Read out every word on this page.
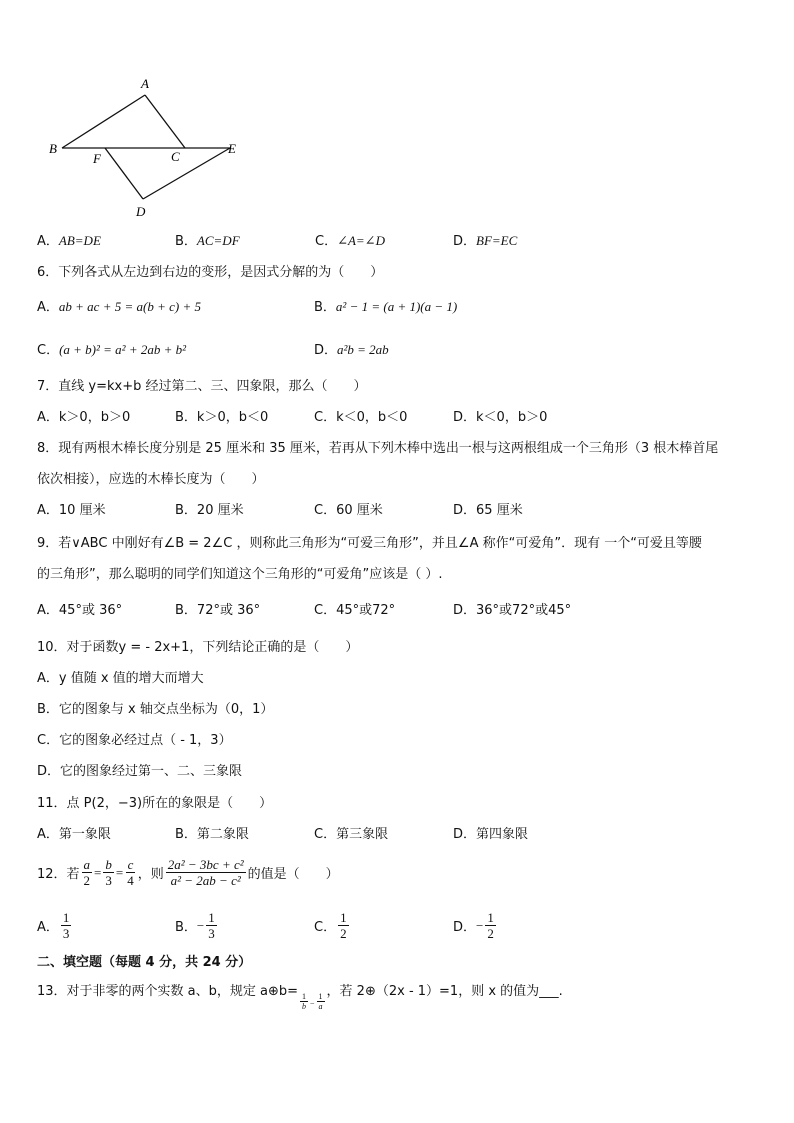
A
B
F	C
E
D
A．AB=DE	B．AC=DF	C．∠A=∠D	D．BF=EC
6．下列各式从左边到右边的变形，是因式分解的为（　　）
A．ab + ac + 5 = a(b + c) + 5	B．a² − 1 = (a + 1)(a − 1)
C．(a + b)² = a² + 2ab + b²	D．a²b = 2ab
7．直线 y=kx+b 经过第二、三、四象限，那么（　　）
A．k＞0，b＞0	B．k＞0，b＜0	C．k＜0，b＜0	D．k＜0，b＞0
8．现有两根木棒长度分别是 25 厘米和 35 厘米，若再从下列木棒中选出一根与这两根组成一个三角形（3 根木棒首尾
依次相接），应选的木棒长度为（　　）
A．10 厘米	B．20 厘米	C．60 厘米	D．65 厘米
9．若∨ABC 中刚好有∠B = 2∠C ，则称此三角形为“可爱三角形”，并且∠A 称作“可爱角”．现有 一个“可爱且等腰
的三角形”，那么聪明的同学们知道这个三角形的“可爱角”应该是（ ）.
A．45°或 36°	B．72°或 36°	C．45°或72°	D．36°或72°或45°
10．对于函数y = - 2x+1，下列结论正确的是（　　）
A．y 值随 x 值的增大而增大
B．它的图象与 x 轴交点坐标为（0，1）
C．它的图象必经过点（ - 1，3）
D．它的图象经过第一、二、三象限
11．点 P(2，−3)所在的象限是（　　）
A．第一象限	B．第二象限	C．第三象限	D．第四象限
12．若 $\frac{a}{2} = \frac{b}{3} = \frac{c}{4}$ ，则 $\frac{\text{2a² − 3bc + c²}}{\text{a² − 2ab − c²}}$ 的值是（　　）
A． $\frac{1}{3}$	B． − $\frac{1}{3}$	C． $\frac{1}{2}$	D． − $\frac{1}{2}$
二、填空题（每题 4 分，共 24 分）
13．对于非零的两个实数 a、b，规定 a⊕b=
$\frac{1}{b} - \frac{1}{a}$
，若 2⊕（2x - 1）=1，则 x 的值为___.
